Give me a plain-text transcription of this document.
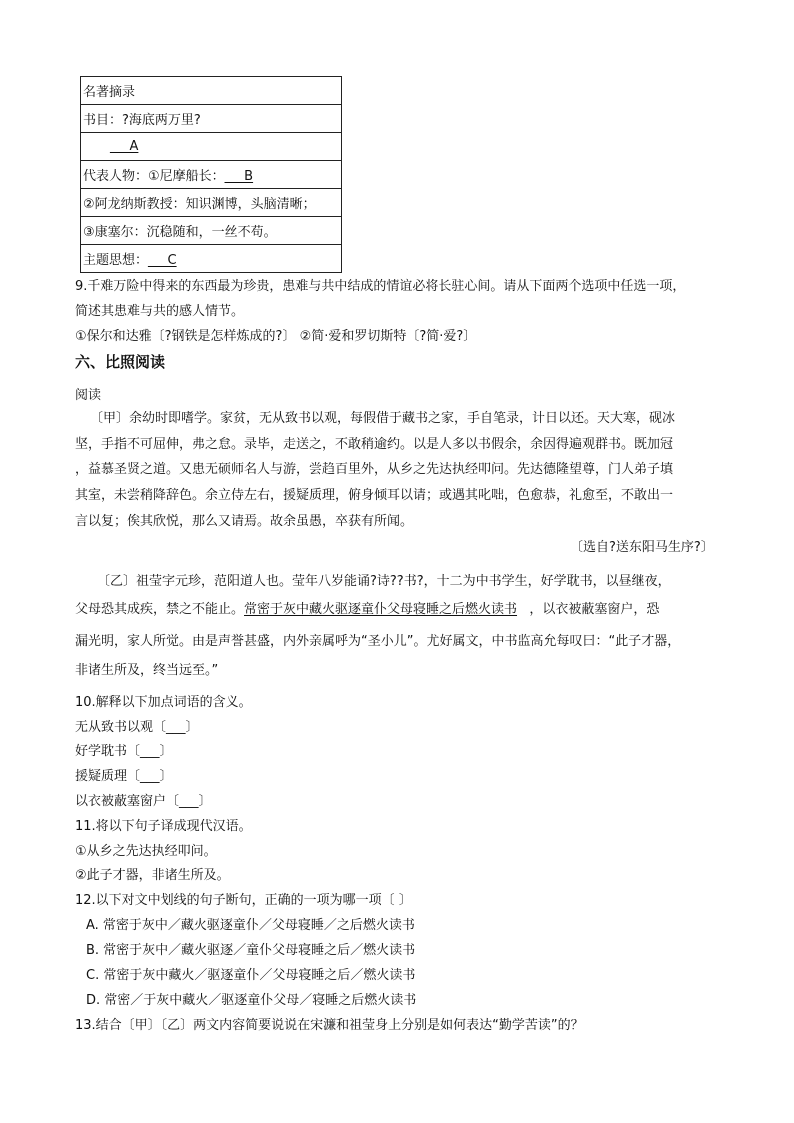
名著摘录
书目：?海底两万里?
___A
代表人物：①尼摩船长：___B
②阿龙纳斯教授：知识渊博，头脑清晰；
③康塞尔：沉稳随和，一丝不苟。
主题思想：___C
9.千难万险中得来的东西最为珍贵，患难与共中结成的情谊必将长驻心间。请从下面两个选项中任选一项，
简述其患难与共的感人情节。
①保尔和达雅〔?钢铁是怎样炼成的?〕 ②简·爱和罗切斯特〔?简·爱?〕
六、比照阅读
阅读

〔甲〕余幼时即嗜学。家贫，无从致书以观，每假借于藏书之家，手自笔录，计日以还。天大寒，砚冰

坚，手指不可屈伸，弗之怠。录毕，走送之，不敢稍逾约。以是人多以书假余，余因得遍观群书。既加冠

，益慕圣贤之道。又患无硕师名人与游，尝趋百里外，从乡之先达执经叩问。先达德隆望尊，门人弟子填

其室，未尝稍降辞色。余立侍左右，援疑质理，俯身倾耳以请；或遇其叱咄，色愈恭，礼愈至，不敢出一

言以复；俟其欣悦，那么又请焉。故余虽愚，卒获有所闻。

〔选自?送东阳马生序?〕
〔乙〕祖莹字元珍，范阳道人也。莹年八岁能诵?诗??书?，十二为中书学生，好学耽书，以昼继夜，
父母恐其成疾，禁之不能止。常密于灰中藏火驱逐童仆父母寝睡之后燃火读书   ，以衣被蔽塞窗户，恐
漏光明，家人所觉。由是声誉甚盛，内外亲属呼为“圣小儿”。尤好属文，中书监高允每叹曰：“此子才器，
非诸生所及，终当远至。”
10.解释以下加点词语的含义。
无从致书以观〔___〕
好学耽书〔___〕
援疑质理〔___〕
以衣被蔽塞窗户〔___〕
11.将以下句子译成现代汉语。
①从乡之先达执经叩问。
②此子才器，非诸生所及。
12.以下对文中划线的句子断句，正确的一项为哪一项〔 〕
A. 常密于灰中／藏火驱逐童仆／父母寝睡／之后燃火读书
B. 常密于灰中／藏火驱逐／童仆父母寝睡之后／燃火读书
C. 常密于灰中藏火／驱逐童仆／父母寝睡之后／燃火读书
D. 常密／于灰中藏火／驱逐童仆父母／寝睡之后燃火读书
13.结合〔甲〕〔乙〕两文内容简要说说在宋濂和祖莹身上分别是如何表达“勤学苦读”的？
